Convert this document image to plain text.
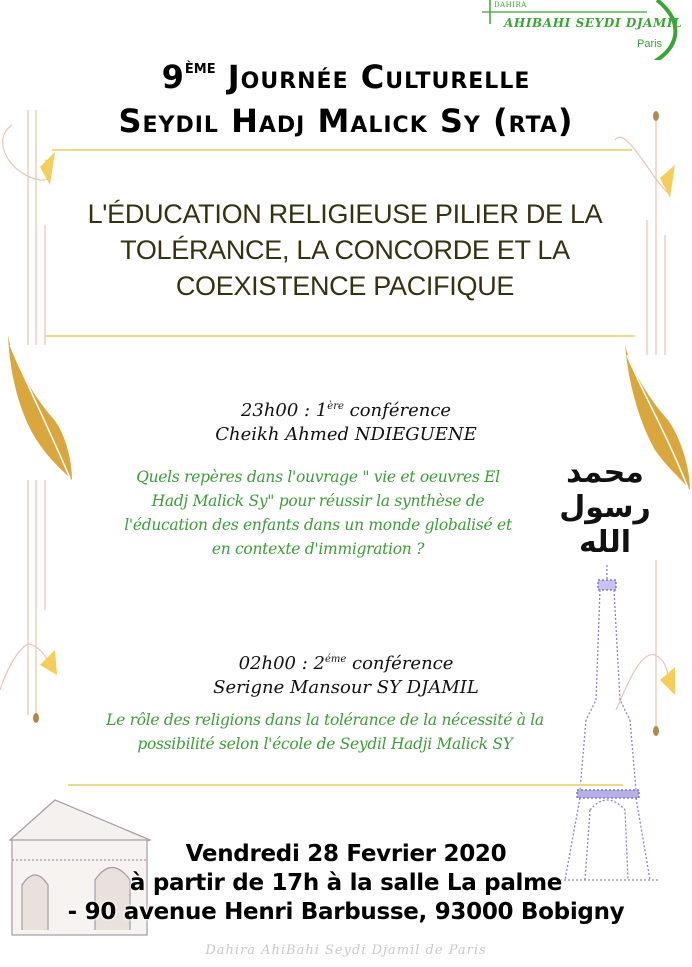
DAHIRA
AHIBAHI SEYDI DJAMIL
Paris
9ÈME Journée Culturelle
Seydil Hadj Malick Sy (rta)
L'ÉDUCATION RELIGIEUSE PILIER DE LA
TOLÉRANCE, LA CONCORDE ET LA
COEXISTENCE PACIFIQUE
23h00 : 1ère conférence
Cheikh Ahmed NDIEGUENE
Quels repères dans l'ouvrage " vie et oeuvres El
Hadj Malick Sy" pour réussir la synthèse de
l'éducation des enfants dans un monde globalisé et
en contexte d'immigration ?
محمد رسول الله
02h00 : $2^{éme}$ conférence
Serigne Mansour SY DJAMIL
Le rôle des religions dans la tolérance de la nécessité à la
possibilité selon l'école de Seydil Hadji Malick SY
Vendredi 28 Fevrier 2020
à partir de 17h à la salle La palme
- 90 avenue Henri Barbusse, 93000 Bobigny
Dahira AhiBahi Seydi Djamil de Paris
